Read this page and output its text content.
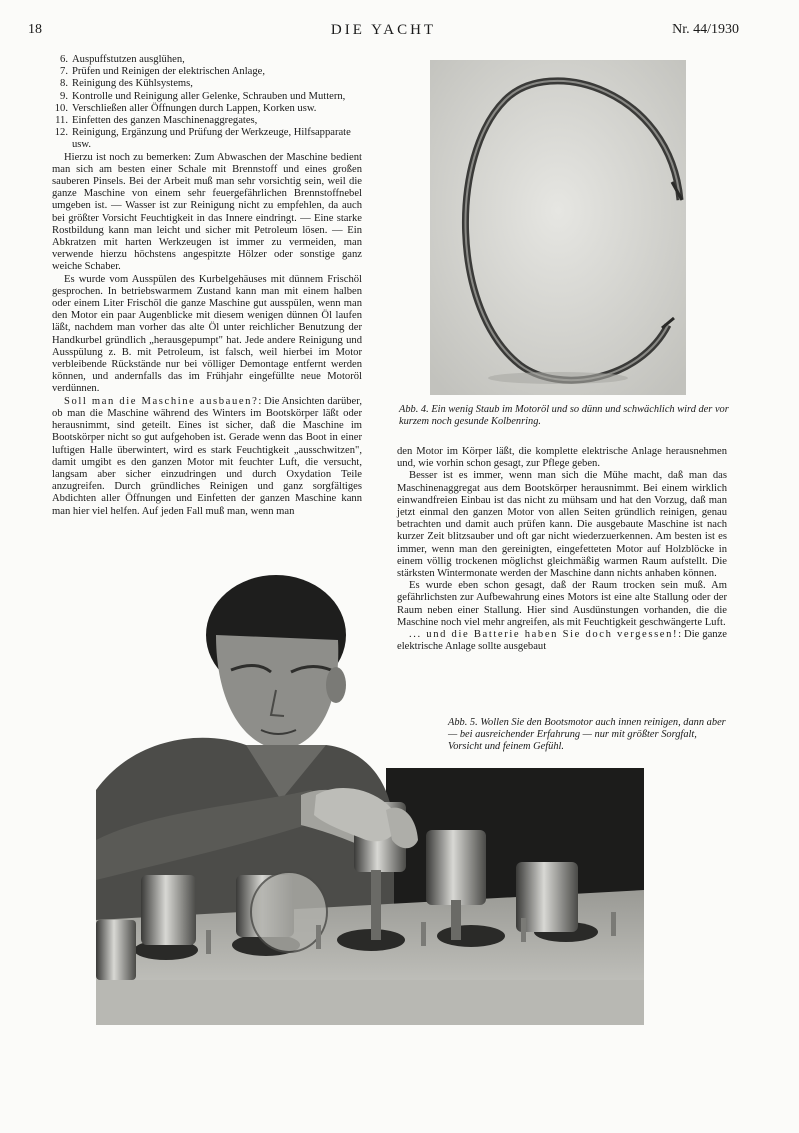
18	DIE YACHT	Nr. 44/1930
6. Auspuffstutzen ausglühen,
7. Prüfen und Reinigen der elektrischen Anlage,
8. Reinigung des Kühlsystems,
9. Kontrolle und Reinigung aller Gelenke, Schrauben und Muttern,
10. Verschließen aller Öffnungen durch Lappen, Korken usw.
11. Einfetten des ganzen Maschinenaggregates,
12. Reinigung, Ergänzung und Prüfung der Werkzeuge, Hilfsapparate usw.

Hierzu ist noch zu bemerken: Zum Abwaschen der Maschine bedient man sich am besten einer Schale mit Brennstoff und eines großen sauberen Pinsels. Bei der Arbeit muß man sehr vorsichtig sein, weil die ganze Maschine von einem sehr feuergefährlichen Brennstoffnebel umgeben ist. — Wasser ist zur Reinigung nicht zu empfehlen, da auch bei größter Vorsicht Feuchtigkeit in das Innere eindringt. — Eine starke Rostbildung kann man leicht und sicher mit Petroleum lösen. — Ein Abkratzen mit harten Werkzeugen ist immer zu vermeiden, man verwende hierzu höchstens angespitzte Hölzer oder sonstige ganz weiche Schaber.

Es wurde vom Ausspülen des Kurbelgehäuses mit dünnem Frischöl gesprochen. In betriebswarmem Zustand kann man mit einem halben oder einem Liter Frischöl die ganze Maschine gut ausspülen, wenn man den Motor ein paar Augenblicke mit diesem wenigen dünnen Öl laufen läßt, nachdem man vorher das alte Öl unter reichlicher Benutzung der Handkurbel gründlich „herausgepumpt" hat. Jede andere Reinigung und Ausspülung z. B. mit Petroleum, ist falsch, weil hierbei im Motor verbleibende Rückstände nur bei völliger Demontage entfernt werden können, und andernfalls das im Frühjahr eingefüllte neue Motoröl verdünnen.

Soll man die Maschine ausbauen?: Die Ansichten darüber, ob man die Maschine während des Winters im Bootskörper läßt oder herausnimmt, sind geteilt. Eines ist sicher, daß die Maschine im Bootskörper nicht so gut aufgehoben ist. Gerade wenn das Boot in einer luftigen Halle überwintert, wird es stark Feuchtigkeit „ausschwitzen", damit umgibt es den ganzen Motor mit feuchter Luft, die versucht, langsam aber sicher einzudringen und durch Oxydation Teile anzugreifen. Durch gründliches Reinigen und ganz sorgfältiges Abdichten aller Öffnungen und Einfetten der ganzen Maschine kann man hier viel helfen. Auf jeden Fall muß man, wenn man

Abb. 4. Ein wenig Staub im Motoröl und so dünn und schwächlich wird der vor kurzem noch gesunde Kolbenring.

den Motor im Körper läßt, die komplette elektrische Anlage herausnehmen und, wie vorhin schon gesagt, zur Pflege geben.

Besser ist es immer, wenn man sich die Mühe macht, daß man das Maschinenaggregat aus dem Bootskörper herausnimmt. Bei einem wirklich einwandfreien Einbau ist das nicht zu mühsam und hat den Vorzug, daß man jetzt einmal den ganzen Motor von allen Seiten gründlich reinigen, genau betrachten und damit auch prüfen kann. Die ausgebaute Maschine ist nach kurzer Zeit blitzsauber und oft gar nicht wiederzuerkennen. Am besten ist es immer, wenn man den gereinigten, eingefetteten Motor auf Holzblöcke in einem völlig trockenen möglichst gleichmäßig warmen Raum aufstellt. Die stärksten Wintermonate werden der Maschine dann nichts anhaben können.

Es wurde eben schon gesagt, daß der Raum trocken sein muß. Am gefährlichsten zur Aufbewahrung eines Motors ist eine alte Stallung oder der Raum neben einer Stallung. Hier sind Ausdünstungen vorhanden, die die Maschine noch viel mehr angreifen, als mit Feuchtigkeit geschwängerte Luft.

... und die Batterie haben Sie doch vergessen!: Die ganze elektrische Anlage sollte ausgebaut

Abb. 5. Wollen Sie den Bootsmotor auch innen reinigen, dann aber — bei ausreichender Erfahrung — nur mit größter Sorgfalt, Vorsicht und feinem Gefühl.
